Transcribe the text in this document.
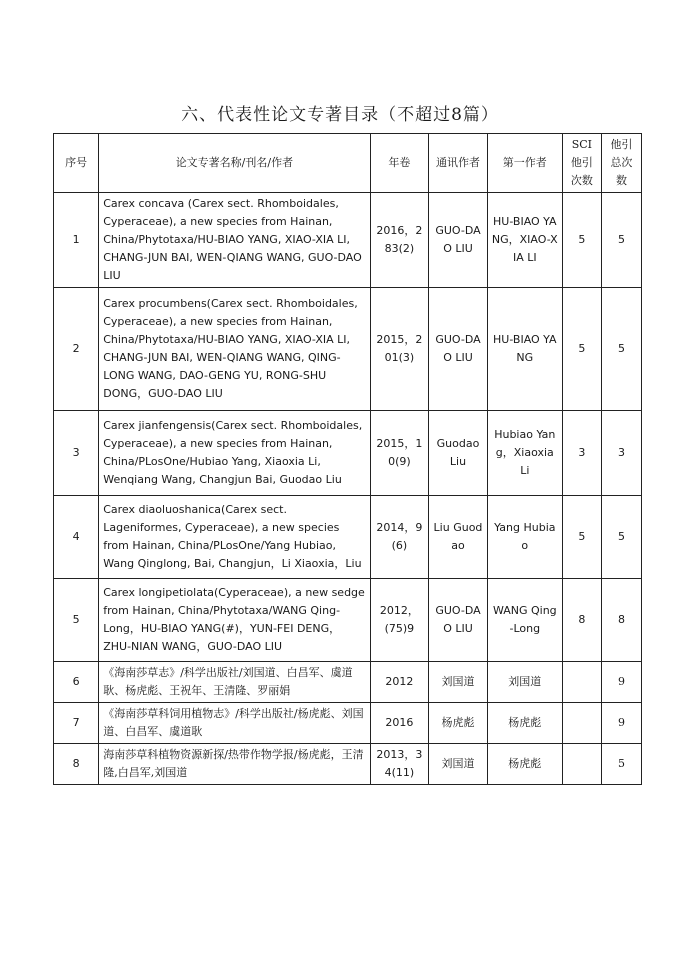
六、代表性论文专著目录（不超过8篇）
序号	论文专著名称/刊名/作者	年卷	通讯作者	第一作者	SCI他引次数	他引总次数
1	Carex concava (Carex sect. Rhomboidales, Cyperaceae), a new species from Hainan, China/Phytotaxa/HU-BIAO YANG, XIAO-XIA LI, CHANG-JUN BAI, WEN-QIANG WANG, GUO-DAO LIU	2016，283(2)	GUO-DAO LIU	HU-BIAO YANG，XIAO-XIA LI	5	5
2	Carex procumbens(Carex sect. Rhomboidales, Cyperaceae), a new species from Hainan, China/Phytotaxa/HU-BIAO YANG, XIAO-XIA LI, CHANG-JUN BAI, WEN-QIANG WANG, QING-LONG WANG, DAO-GENG YU, RONG-SHU DONG，GUO-DAO LIU	2015，201(3)	GUO-DAO LIU	HU-BIAO YANG	5	5
3	Carex jianfengensis(Carex sect. Rhomboidales, Cyperaceae), a new species from Hainan, China/PLosOne/Hubiao Yang, Xiaoxia Li, Wenqiang Wang, Changjun Bai, Guodao Liu	2015，10(9)	Guodao Liu	Hubiao Yang，Xiaoxia Li	3	3
4	Carex diaoluoshanica(Carex sect. Lageniformes, Cyperaceae), a new species from Hainan, China/PLosOne/Yang Hubiao, Wang Qinglong, Bai, Changjun，Li Xiaoxia，Liu	2014，9(6)	Liu Guodao	Yang Hubiao	5	5
5	Carex longipetiolata(Cyperaceae), a new sedge from Hainan, China/Phytotaxa/WANG Qing-Long，HU-BIAO YANG(#)，YUN-FEI DENG，ZHU-NIAN WANG，GUO-DAO LIU	2012，(75)9	GUO-DAO LIU	WANG Qing-Long	8	8
6	《海南莎草志》/科学出版社/刘国道、白昌军、虞道耿、杨虎彪、王祝年、王清隆、罗丽娟	2012	刘国道	刘国道		9
7	《海南莎草科饲用植物志》/科学出版社/杨虎彪、刘国道、白昌军、虞道耿	2016	杨虎彪	杨虎彪		9
8	海南莎草科植物资源新探/热带作物学报/杨虎彪，王清隆,白昌军,刘国道	2013，34(11)	刘国道	杨虎彪		5
